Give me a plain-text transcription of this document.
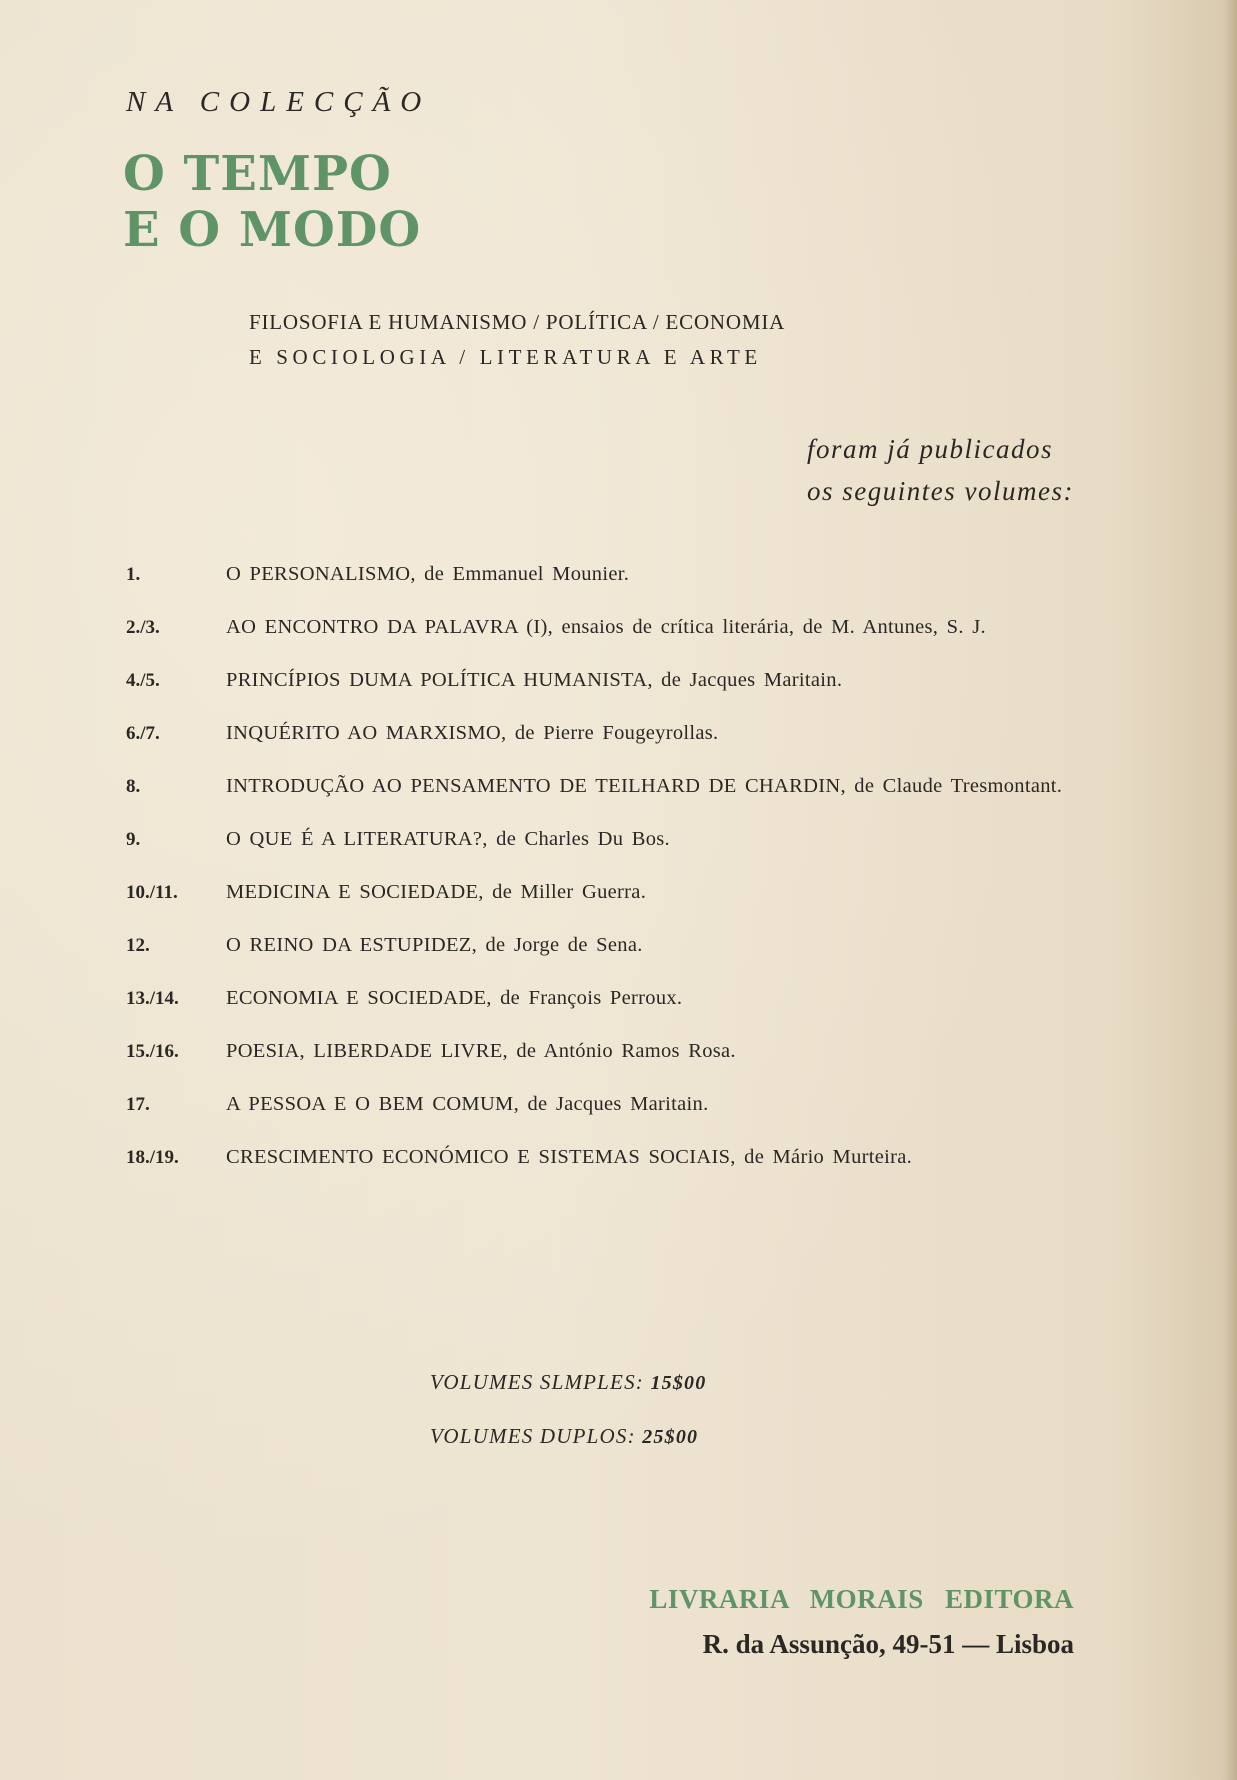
NA COLECÇÃO
O TEMPO
E O MODO
FILOSOFIA E HUMANISMO / POLÍTICA / ECONOMIA
E SOCIOLOGIA / LITERATURA E ARTE
foram já publicados
os seguintes volumes:
1.	O PERSONALISMO, de Emmanuel Mounier.
2./3.	AO ENCONTRO DA PALAVRA (I), ensaios de crítica literária, de M. Antunes, S. J.
4./5.	PRINCÍPIOS DUMA POLÍTICA HUMANISTA, de Jacques Maritain.
6./7.	INQUÉRITO AO MARXISMO, de Pierre Fougeyrollas.
8.	INTRODUÇÃO AO PENSAMENTO DE TEILHARD DE CHARDIN, de Claude Tresmontant.
9.	O QUE É A LITERATURA?, de Charles Du Bos.
10./11.	MEDICINA E SOCIEDADE, de Miller Guerra.
12.	O REINO DA ESTUPIDEZ, de Jorge de Sena.
13./14.	ECONOMIA E SOCIEDADE, de François Perroux.
15./16.	POESIA, LIBERDADE LIVRE, de António Ramos Rosa.
17.	A PESSOA E O BEM COMUM, de Jacques Maritain.
18./19.	CRESCIMENTO ECONÓMICO E SISTEMAS SOCIAIS, de Mário Murteira.
VOLUMES SLMPLES: 15$00
VOLUMES DUPLOS: 25$00
LIVRARIA MORAIS EDITORA
R. da Assunção, 49-51 — Lisboa
